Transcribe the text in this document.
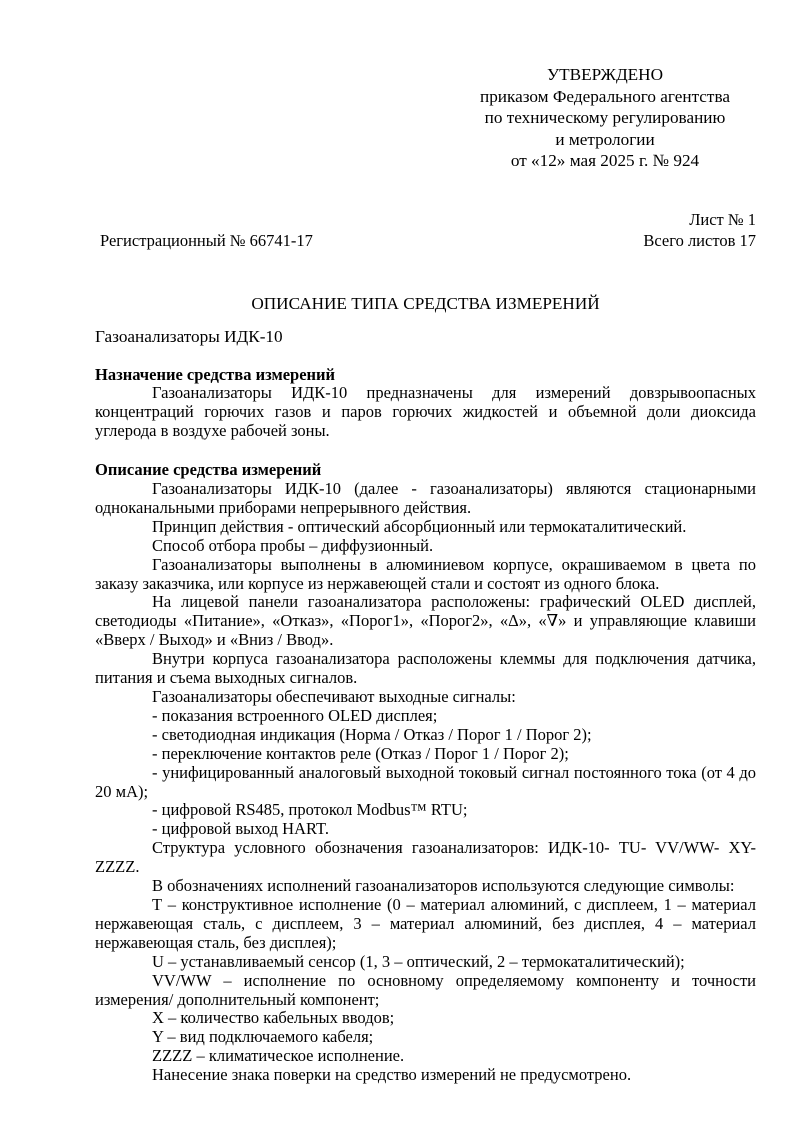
УТВЕРЖДЕНО
приказом Федерального агентства
по техническому регулированию
и метрологии
от «12» мая 2025 г. № 924
Лист № 1
Регистрационный № 66741-17	Всего листов 17
ОПИСАНИЕ ТИПА СРЕДСТВА ИЗМЕРЕНИЙ
Газоанализаторы ИДК-10
Назначение средства измерений

Газоанализаторы ИДК-10 предназначены для измерений довзрывоопасных концентраций горючих газов и паров горючих жидкостей и объемной доли диоксида углерода в воздухе рабочей зоны.

Описание средства измерений

Газоанализаторы ИДК-10 (далее - газоанализаторы) являются стационарными одноканальными приборами непрерывного действия.

Принцип действия - оптический абсорбционный или термокаталитический.

Способ отбора пробы – диффузионный.

Газоанализаторы выполнены в алюминиевом корпусе, окрашиваемом в цвета по заказу заказчика, или корпусе из нержавеющей стали и состоят из одного блока.

На лицевой панели газоанализатора расположены: графический OLED дисплей, светодиоды «Питание», «Отказ», «Порог1», «Порог2», «Δ», «∇» и управляющие клавиши «Вверх / Выход» и «Вниз / Ввод».

Внутри корпуса газоанализатора расположены клеммы для подключения датчика, питания и съема выходных сигналов.

Газоанализаторы обеспечивают выходные сигналы:

- показания встроенного OLED дисплея;

- светодиодная индикация (Норма / Отказ / Порог 1 / Порог 2);

- переключение контактов реле (Отказ / Порог 1 / Порог 2);

- унифицированный аналоговый выходной токовый сигнал постоянного тока (от 4 до 20 мА);

- цифровой RS485, протокол Modbus™ RTU;

- цифровой выход HART.

Структура условного обозначения газоанализаторов: ИДК-10- TU- VV/WW- XY- ZZZZ.

В обозначениях исполнений газоанализаторов используются следующие символы:

Т – конструктивное исполнение (0 – материал алюминий, с дисплеем, 1 – материал нержавеющая сталь, с дисплеем, 3 – материал алюминий, без дисплея, 4 – материал нержавеющая сталь, без дисплея);

U – устанавливаемый сенсор (1, 3 – оптический, 2 – термокаталитический);

VV/WW – исполнение по основному определяемому компоненту и точности измерения/ дополнительный компонент;

X – количество кабельных вводов;

Y – вид подключаемого кабеля;

ZZZZ – климатическое исполнение.

Нанесение знака поверки на средство измерений не предусмотрено.
